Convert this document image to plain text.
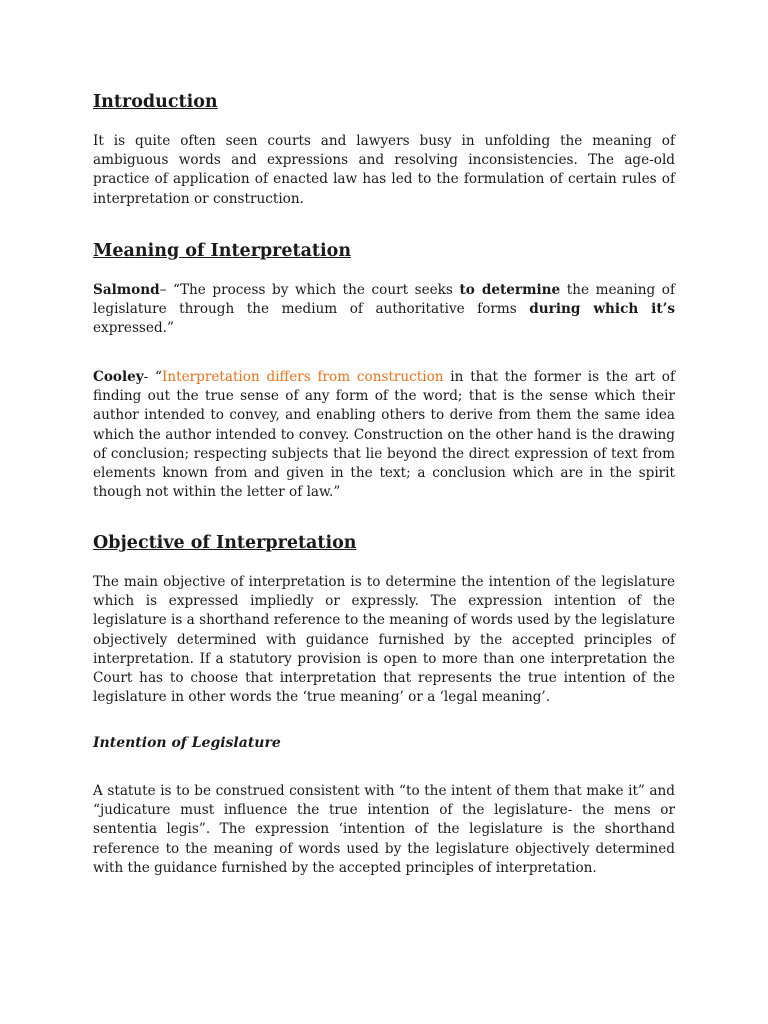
Introduction

It is quite often seen courts and lawyers busy in unfolding the meaning of ambiguous words and expressions and resolving inconsistencies. The age-old practice of application of enacted law has led to the formulation of certain rules of interpretation or construction.

Meaning of Interpretation

Salmond– “The process by which the court seeks to determine the meaning of legislature through the medium of authoritative forms during which it’s expressed.”

Cooley- “Interpretation differs from construction in that the former is the art of finding out the true sense of any form of the word; that is the sense which their author intended to convey, and enabling others to derive from them the same idea which the author intended to convey. Construction on the other hand is the drawing of conclusion; respecting subjects that lie beyond the direct expression of text from elements known from and given in the text; a conclusion which are in the spirit though not within the letter of law.”

Objective of Interpretation

The main objective of interpretation is to determine the intention of the legislature which is expressed impliedly or expressly. The expression intention of the legislature is a shorthand reference to the meaning of words used by the legislature objectively determined with guidance furnished by the accepted principles of interpretation. If a statutory provision is open to more than one interpretation the Court has to choose that interpretation that represents the true intention of the legislature in other words the ‘true meaning’ or a ‘legal meaning’.

Intention of Legislature

A statute is to be construed consistent with “to the intent of them that make it” and “judicature must influence the true intention of the legislature- the mens or sententia legis”. The expression ‘intention of the legislature is the shorthand reference to the meaning of words used by the legislature objectively determined with the guidance furnished by the accepted principles of interpretation.
